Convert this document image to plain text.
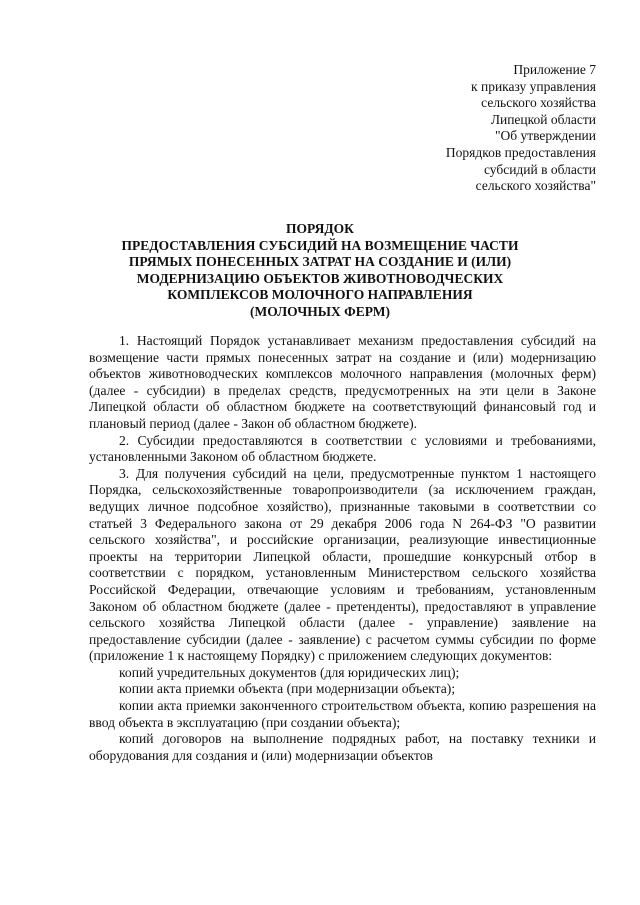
Приложение 7
к приказу управления
сельского хозяйства
Липецкой области
"Об утверждении
Порядков предоставления
субсидий в области
сельского хозяйства"
ПОРЯДОК
ПРЕДОСТАВЛЕНИЯ СУБСИДИЙ НА ВОЗМЕЩЕНИЕ ЧАСТИ
ПРЯМЫХ ПОНЕСЕННЫХ ЗАТРАТ НА СОЗДАНИЕ И (ИЛИ)
МОДЕРНИЗАЦИЮ ОБЪЕКТОВ ЖИВОТНОВОДЧЕСКИХ
КОМПЛЕКСОВ МОЛОЧНОГО НАПРАВЛЕНИЯ
(МОЛОЧНЫХ ФЕРМ)

1. Настоящий Порядок устанавливает механизм предоставления субсидий на возмещение части прямых понесенных затрат на создание и (или) модернизацию объектов животноводческих комплексов молочного направления (молочных ферм) (далее - субсидии) в пределах средств, предусмотренных на эти цели в Законе Липецкой области об областном бюджете на соответствующий финансовый год и плановый период (далее - Закон об областном бюджете).

2. Субсидии предоставляются в соответствии с условиями и требованиями, установленными Законом об областном бюджете.

3. Для получения субсидий на цели, предусмотренные пунктом 1 настоящего Порядка, сельскохозяйственные товаропроизводители (за исключением граждан, ведущих личное подсобное хозяйство), признанные таковыми в соответствии со статьей 3 Федерального закона от 29 декабря 2006 года N 264-ФЗ "О развитии сельского хозяйства", и российские организации, реализующие инвестиционные проекты на территории Липецкой области, прошедшие конкурсный отбор в соответствии с порядком, установленным Министерством сельского хозяйства Российской Федерации, отвечающие условиям и требованиям, установленным Законом об областном бюджете (далее - претенденты), предоставляют в управление сельского хозяйства Липецкой области (далее - управление) заявление на предоставление субсидии (далее - заявление) с расчетом суммы субсидии по форме (приложение 1 к настоящему Порядку) с приложением следующих документов:

копий учредительных документов (для юридических лиц);

копии акта приемки объекта (при модернизации объекта);

копии акта приемки законченного строительством объекта, копию разрешения на ввод объекта в эксплуатацию (при создании объекта);

копий договоров на выполнение подрядных работ, на поставку техники и оборудования для создания и (или) модернизации объектов
